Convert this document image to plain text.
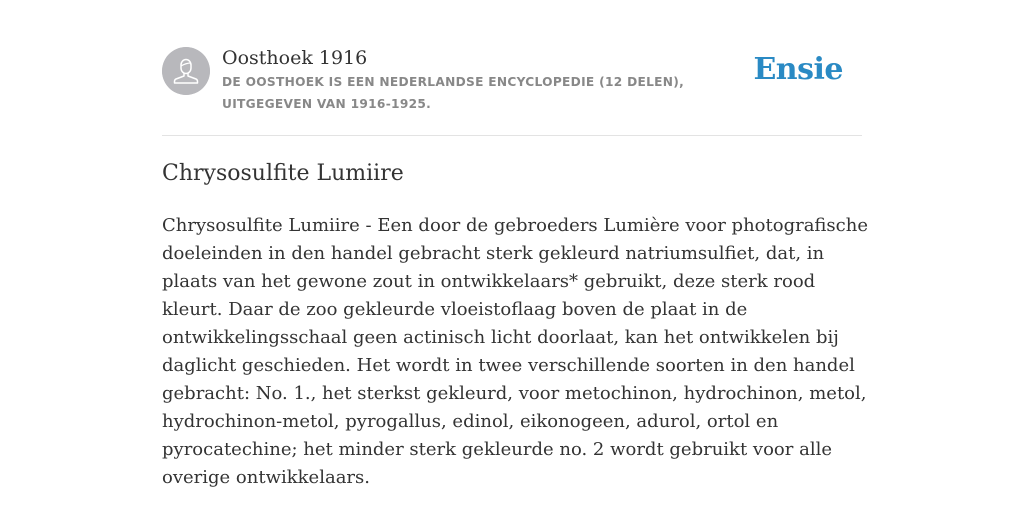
Oosthoek 1916
DE OOSTHOEK IS EEN NEDERLANDSE ENCYCLOPEDIE (12 DELEN), UITGEGEVEN VAN 1916-1925.
Ensie
Chrysosulfite Lumiire

Chrysosulfite Lumiire - Een door de gebroeders Lumière voor photografische doeleinden in den handel gebracht sterk gekleurd natriumsulfiet, dat, in plaats van het gewone zout in ontwikkelaars* gebruikt, deze sterk rood kleurt. Daar de zoo gekleurde vloeistoflaag boven de plaat in de ontwikkelingsschaal geen actinisch licht doorlaat, kan het ontwikkelen bij daglicht geschieden. Het wordt in twee verschillende soorten in den handel gebracht: No. 1., het sterkst gekleurd, voor metochinon, hydrochinon, metol, hydrochinon-metol, pyrogallus, edinol, eikonogeen, adurol, ortol en pyrocatechine; het minder sterk gekleurde no. 2 wordt gebruikt voor alle overige ontwikkelaars.
